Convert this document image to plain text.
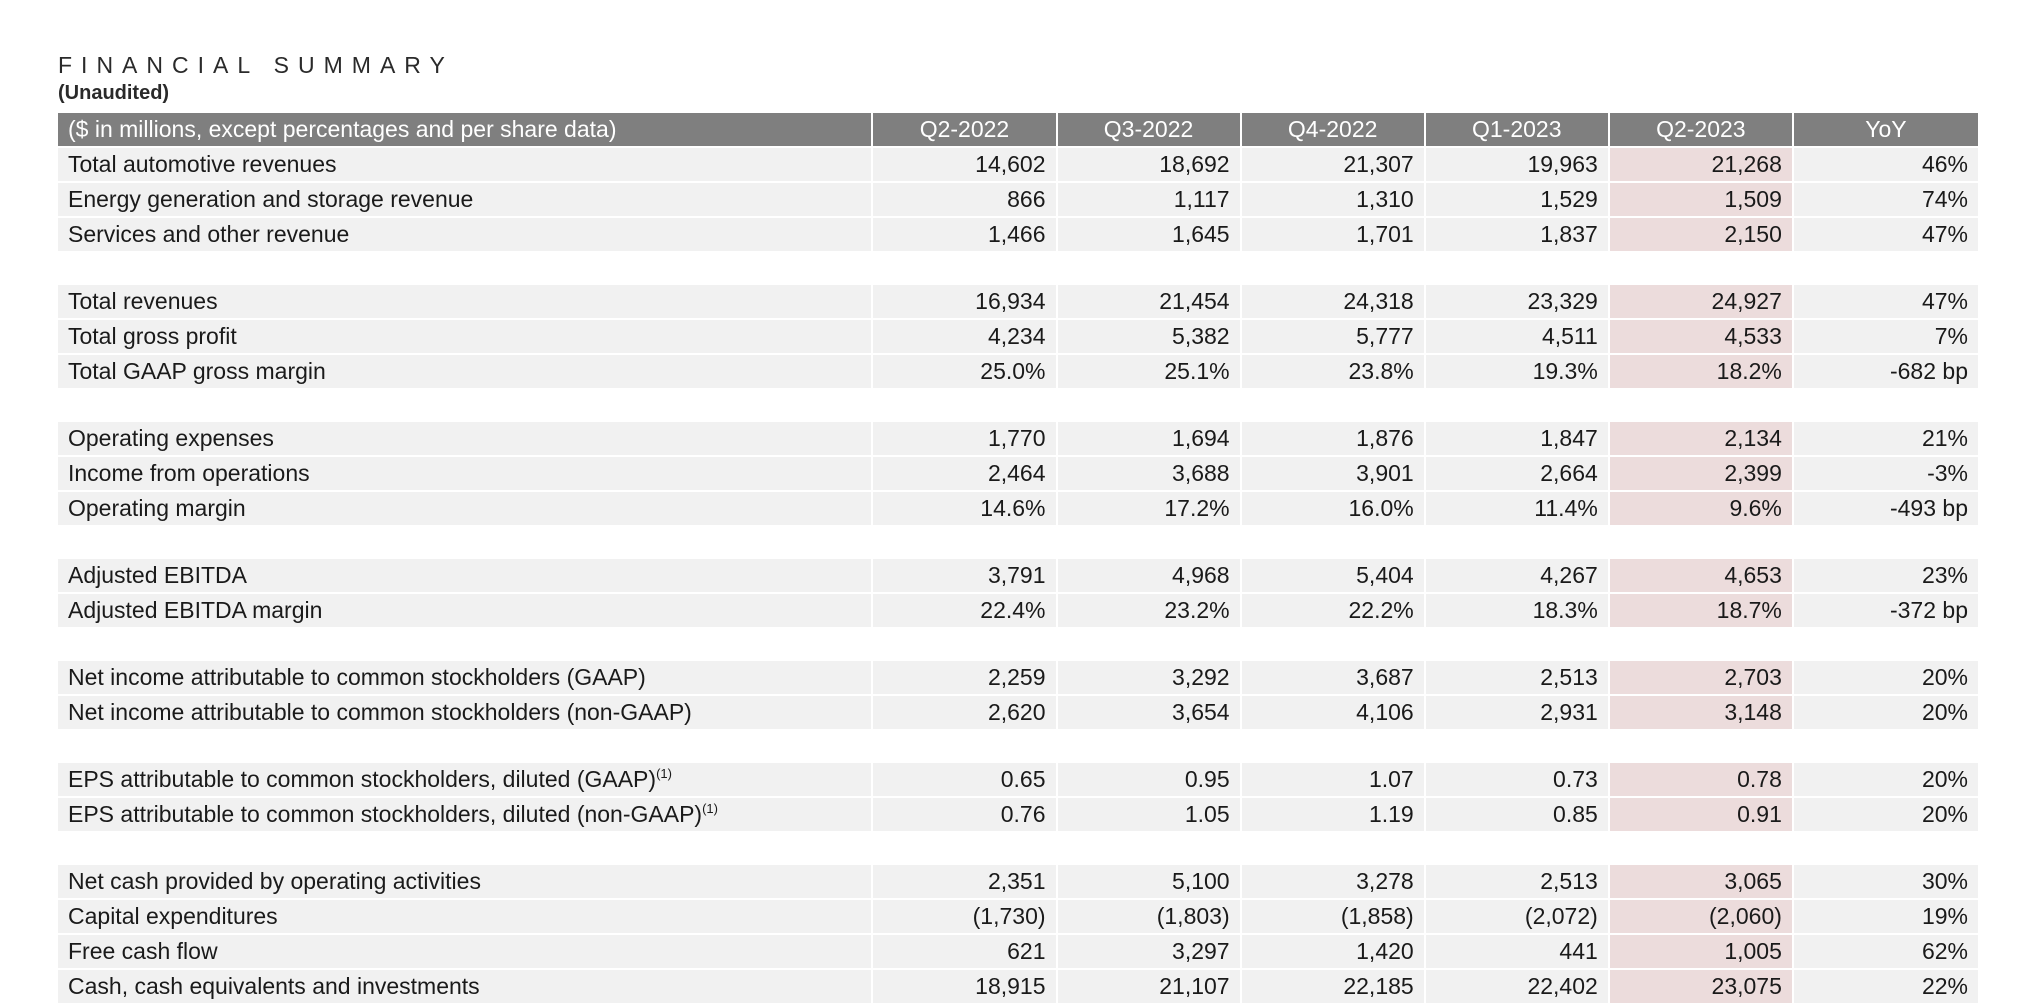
FINANCIAL SUMMARY
(Unaudited)
($ in millions, except percentages and per share data)	Q2-2022	Q3-2022	Q4-2022	Q1-2023	Q2-2023	YoY
Total automotive revenues	14,602	18,692	21,307	19,963	21,268	46%
Energy generation and storage revenue	866	1,117	1,310	1,529	1,509	74%
Services and other revenue	1,466	1,645	1,701	1,837	2,150	47%

Total revenues	16,934	21,454	24,318	23,329	24,927	47%
Total gross profit	4,234	5,382	5,777	4,511	4,533	7%
Total GAAP gross margin	25.0%	25.1%	23.8%	19.3%	18.2%	-682 bp

Operating expenses	1,770	1,694	1,876	1,847	2,134	21%
Income from operations	2,464	3,688	3,901	2,664	2,399	-3%
Operating margin	14.6%	17.2%	16.0%	11.4%	9.6%	-493 bp

Adjusted EBITDA	3,791	4,968	5,404	4,267	4,653	23%
Adjusted EBITDA margin	22.4%	23.2%	22.2%	18.3%	18.7%	-372 bp

Net income attributable to common stockholders (GAAP)	2,259	3,292	3,687	2,513	2,703	20%
Net income attributable to common stockholders (non-GAAP)	2,620	3,654	4,106	2,931	3,148	20%

EPS attributable to common stockholders, diluted (GAAP)$^{(1)}$	0.65	0.95	1.07	0.73	0.78	20%
EPS attributable to common stockholders, diluted (non-GAAP)$^{(1)}$	0.76	1.05	1.19	0.85	0.91	20%

Net cash provided by operating activities	2,351	5,100	3,278	2,513	3,065	30%
Capital expenditures	(1,730)	(1,803)	(1,858)	(2,072)	(2,060)	19%
Free cash flow	621	3,297	1,420	441	1,005	62%
Cash, cash equivalents and investments	18,915	21,107	22,185	22,402	23,075	22%
